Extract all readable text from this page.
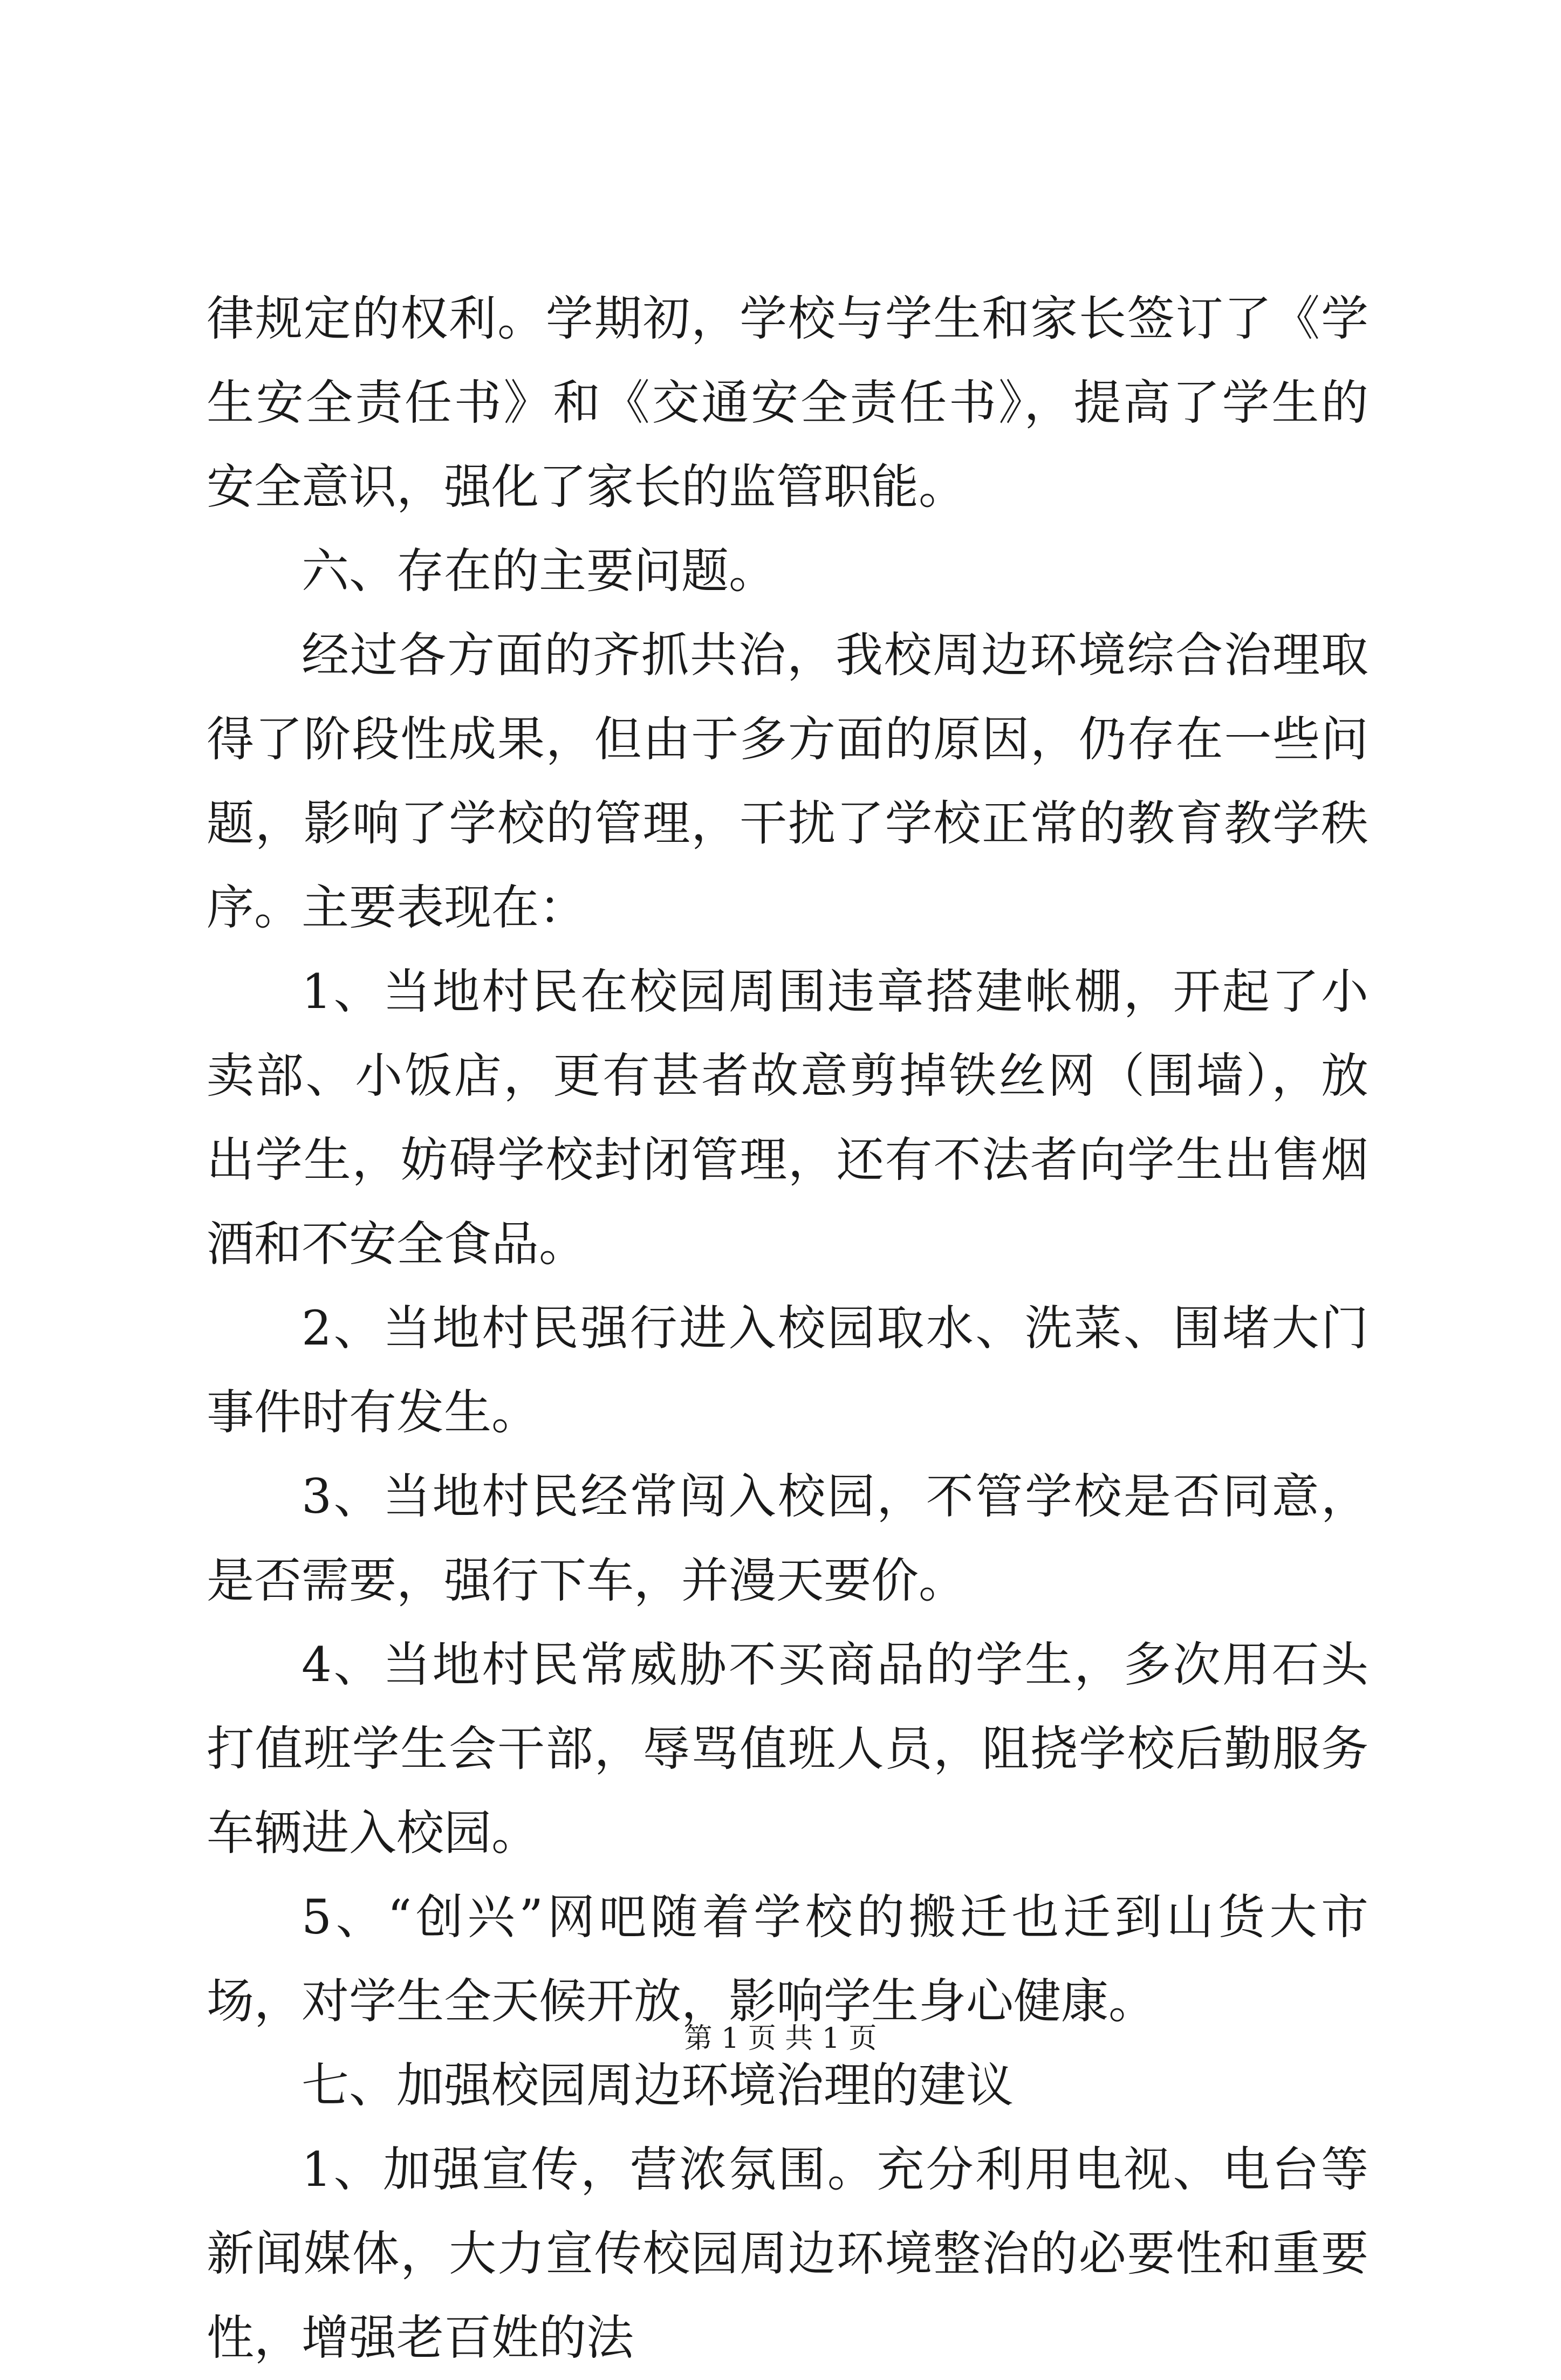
律规定的权利。学期初，学校与学生和家长签订了《学生安全责任书》和《交通安全责任书》，提高了学生的安全意识，强化了家长的监管职能。

六、存在的主要问题。

经过各方面的齐抓共治，我校周边环境综合治理取得了阶段性成果，但由于多方面的原因，仍存在一些问题，影响了学校的管理，干扰了学校正常的教育教学秩序。主要表现在：

1、当地村民在校园周围违章搭建帐棚，开起了小卖部、小饭店，更有甚者故意剪掉铁丝网（围墙），放出学生，妨碍学校封闭管理，还有不法者向学生出售烟酒和不安全食品。

2、当地村民强行进入校园取水、洗菜、围堵大门事件时有发生。

3、当地村民经常闯入校园，不管学校是否同意，是否需要，强行下车，并漫天要价。

4、当地村民常威胁不买商品的学生，多次用石头打值班学生会干部，辱骂值班人员，阻挠学校后勤服务车辆进入校园。

5、“创兴”网吧随着学校的搬迁也迁到山货大市场，对学生全天候开放，影响学生身心健康。

七、加强校园周边环境治理的建议

1、加强宣传，营浓氛围。充分利用电视、电台等新闻媒体，大力宣传校园周边环境整治的必要性和重要性，增强老百姓的法

第 1 页 共 1 页
